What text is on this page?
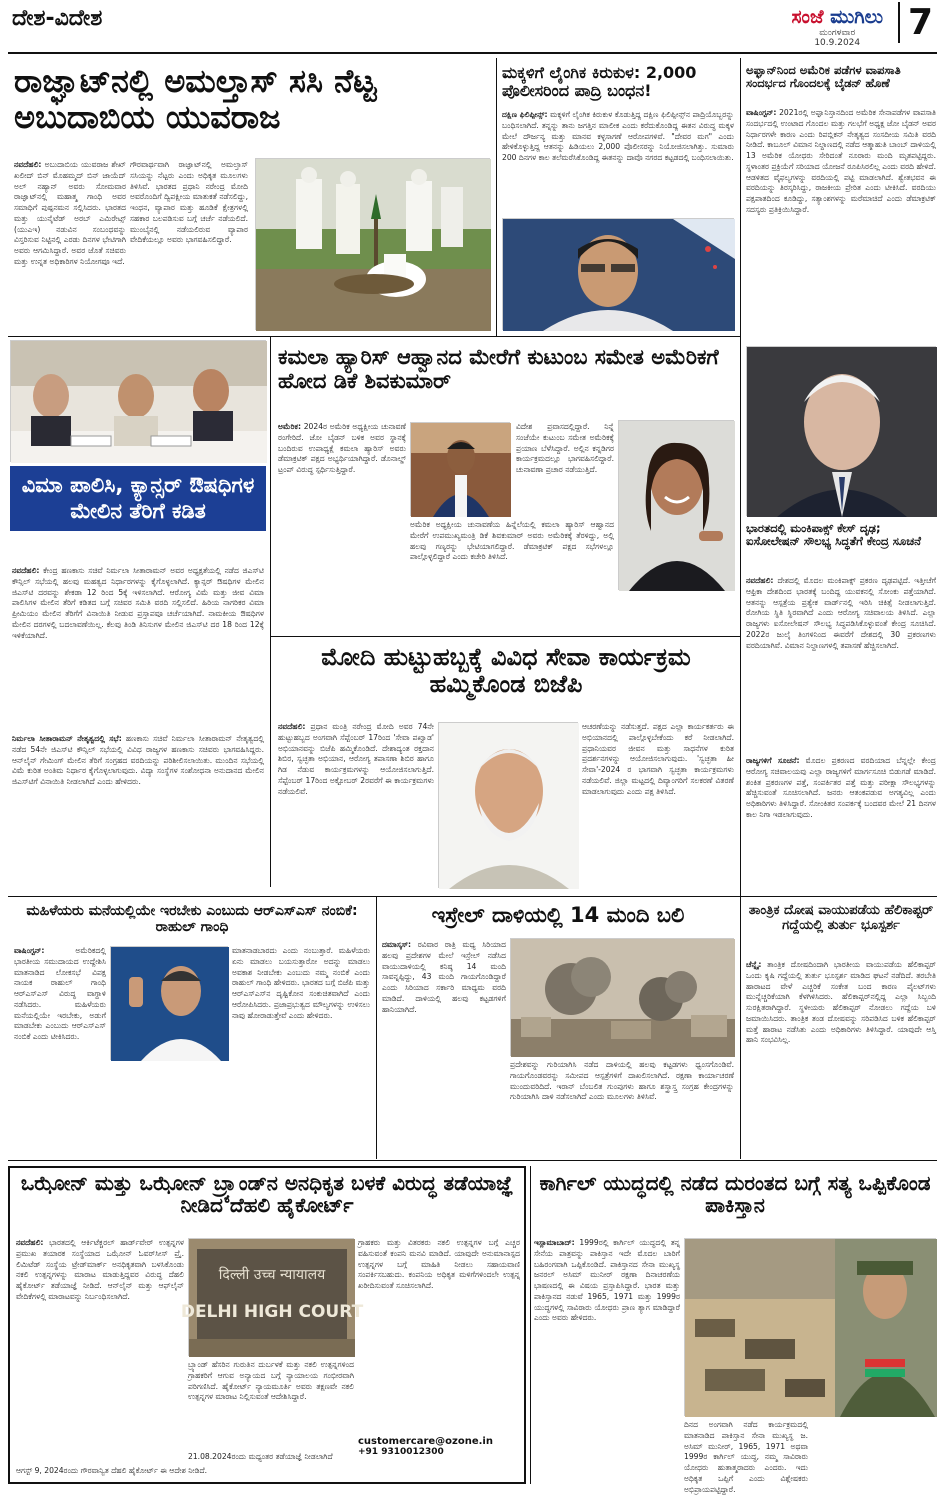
ದೇಶ-ವಿದೇಶ	ಸಂಜೆ ಮುಗಿಲು
ಮಂಗಳವಾರ
10.9.2024	7
ರಾಜ್ಘಾಟ್‌ನಲ್ಲಿ ಅಮಲ್ತಾಸ್ ಸಸಿ ನೆಟ್ಟ ಅಬುದಾಬಿಯ ಯುವರಾಜ
ನವದೆಹಲಿ: ಅಬುದಾಬಿಯ ಯುವರಾಜ ಶೇಖ್ ಖಲೀದ್ ಬಿನ್ ಮೊಹಮ್ಮದ್ ಬಿನ್ ಜಾಯೆದ್ ಅಲ್ ನಹ್ಯಾನ್ ಅವರು ಸೋಮವಾರ ರಾಜ್ಘಾಟ್‌ನಲ್ಲಿ ಮಹಾತ್ಮ ಗಾಂಧಿ ಅವರ ಸಮಾಧಿಗೆ ಪುಷ್ಪನಮನ ಸಲ್ಲಿಸಿದರು. ಭಾರತದ ಮತ್ತು ಯುನೈಟೆಡ್ ಅರಬ್ ಎಮಿರೇಟ್ಸ್ (ಯುಎಇ) ನಡುವಿನ ಸಂಬಂಧವನ್ನು ವಿಸ್ತರಿಸುವ ನಿಟ್ಟಿನಲ್ಲಿ ಎರಡು ದಿನಗಳ ಭೇಟಿಗಾಗಿ ಅವರು ಆಗಮಿಸಿದ್ದಾರೆ. ಅವರ ಜೊತೆ ಸಚಿವರು ಮತ್ತು ಉನ್ನತ ಅಧಿಕಾರಿಗಳ ನಿಯೋಗವೂ ಇದೆ.
ಗೌರವಾರ್ಥವಾಗಿ ರಾಜ್ಘಾಟ್‌ನಲ್ಲಿ ಅಮಲ್ತಾಸ್ ಸಸಿಯನ್ನು ನೆಟ್ಟರು ಎಂದು ಅಧಿಕೃತ ಮೂಲಗಳು ತಿಳಿಸಿವೆ. ಭಾರತದ ಪ್ರಧಾನಿ ನರೇಂದ್ರ ಮೋದಿ ಅವರೊಂದಿಗೆ ದ್ವಿಪಕ್ಷೀಯ ಮಾತುಕತೆ ನಡೆಸಲಿದ್ದು, ಇಂಧನ, ವ್ಯಾಪಾರ ಮತ್ತು ಹೂಡಿಕೆ ಕ್ಷೇತ್ರಗಳಲ್ಲಿ ಸಹಕಾರ ಬಲಪಡಿಸುವ ಬಗ್ಗೆ ಚರ್ಚೆ ನಡೆಯಲಿದೆ. ಮುಂಬೈನಲ್ಲಿ ನಡೆಯಲಿರುವ ವ್ಯಾಪಾರ ವೇದಿಕೆಯಲ್ಲೂ ಅವರು ಭಾಗವಹಿಸಲಿದ್ದಾರೆ.
ಮಕ್ಕಳಿಗೆ ಲೈಂಗಿಕ ಕಿರುಕುಳ: 2,000 ಪೊಲೀಸರಿಂದ ಪಾದ್ರಿ ಬಂಧನ!
ದಕ್ಷಿಣ ಫಿಲಿಪ್ಪೀನ್ಸ್: ಮಕ್ಕಳಿಗೆ ಲೈಂಗಿಕ ಕಿರುಕುಳ ಕೊಡುತ್ತಿದ್ದ ದಕ್ಷಿಣ ಫಿಲಿಪ್ಪೀನ್ಸ್‌ನ ಪಾದ್ರಿಯೊಬ್ಬರನ್ನು ಬಂಧಿಸಲಾಗಿದೆ. ತನ್ನನ್ನು ತಾನು ಜಗತ್ತಿನ ಮಾಲೀಕ ಎಂದು ಕರೆದುಕೊಂಡಿದ್ದ ಈತನ ವಿರುದ್ಧ ಮಕ್ಕಳ ಮೇಲೆ ದೌರ್ಜನ್ಯ ಮತ್ತು ಮಾನವ ಕಳ್ಳಸಾಗಣೆ ಆರೋಪಗಳಿವೆ. "ದೇವರ ಮಗ" ಎಂದು ಹೇಳಿಕೊಳ್ಳುತ್ತಿದ್ದ ಆತನನ್ನು ಹಿಡಿಯಲು 2,000 ಪೊಲೀಸರನ್ನು ನಿಯೋಜಿಸಲಾಗಿತ್ತು. ಸುಮಾರು 200 ದಿನಗಳ ಕಾಲ ತಲೆಮರೆಸಿಕೊಂಡಿದ್ದ ಈತನನ್ನು ದಾವೊ ನಗರದ ಕಟ್ಟಡದಲ್ಲಿ ಬಂಧಿಸಲಾಯಿತು.
ಅಫ್ಘಾನ್‌ನಿಂದ ಅಮೆರಿಕ ಪಡೆಗಳ ವಾಪಸಾತಿ ಸಂದರ್ಭದ ಗೊಂದಲಕ್ಕೆ ಬೈಡನ್ ಹೊಣೆ
ವಾಷಿಂಗ್ಟನ್: 2021ರಲ್ಲಿ ಅಫ್ಘಾನಿಸ್ತಾನದಿಂದ ಅಮೆರಿಕ ಸೇನಾಪಡೆಗಳ ವಾಪಸಾತಿ ಸಂದರ್ಭದಲ್ಲಿ ಉಂಟಾದ ಗೊಂದಲ ಮತ್ತು ಗಲಭೆಗೆ ಅಧ್ಯಕ್ಷ ಜೋ ಬೈಡನ್ ಅವರ ನಿರ್ಧಾರಗಳೇ ಕಾರಣ ಎಂದು ರಿಪಬ್ಲಿಕನ್ ನೇತೃತ್ವದ ಸಂಸದೀಯ ಸಮಿತಿ ವರದಿ ನೀಡಿದೆ. ಕಾಬೂಲ್ ವಿಮಾನ ನಿಲ್ದಾಣದಲ್ಲಿ ನಡೆದ ಆತ್ಮಾಹುತಿ ಬಾಂಬ್ ದಾಳಿಯಲ್ಲಿ 13 ಅಮೆರಿಕ ಯೋಧರು ಸೇರಿದಂತೆ ನೂರಾರು ಮಂದಿ ಮೃತಪಟ್ಟಿದ್ದರು. ಸ್ಥಳಾಂತರ ಪ್ರಕ್ರಿಯೆಗೆ ಸರಿಯಾದ ಯೋಜನೆ ರೂಪಿಸಿರಲಿಲ್ಲ ಎಂದು ವರದಿ ಹೇಳಿದೆ. ಆಡಳಿತದ ವೈಫಲ್ಯಗಳನ್ನು ವರದಿಯಲ್ಲಿ ಪಟ್ಟಿ ಮಾಡಲಾಗಿದೆ. ಶ್ವೇತಭವನ ಈ ವರದಿಯನ್ನು ತಿರಸ್ಕರಿಸಿದ್ದು, ರಾಜಕೀಯ ಪ್ರೇರಿತ ಎಂದು ಟೀಕಿಸಿದೆ. ವರದಿಯು ಪಕ್ಷಪಾತದಿಂದ ಕೂಡಿದ್ದು, ಸತ್ಯಾಂಶಗಳನ್ನು ಮರೆಮಾಚಿದೆ ಎಂದು ಡೆಮಾಕ್ರಟಿಕ್ ಸದಸ್ಯರು ಪ್ರತಿಕ್ರಿಯಿಸಿದ್ದಾರೆ.
ವಿಮಾ ಪಾಲಿಸಿ, ಕ್ಯಾನ್ಸರ್ ಔಷಧಿಗಳ ಮೇಲಿನ ತೆರಿಗೆ ಕಡಿತ
ನವದೆಹಲಿ: ಕೇಂದ್ರ ಹಣಕಾಸು ಸಚಿವೆ ನಿರ್ಮಲಾ ಸೀತಾರಾಮನ್ ಅವರ ಅಧ್ಯಕ್ಷತೆಯಲ್ಲಿ ನಡೆದ ಜಿಎಸ್‌ಟಿ ಕೌನ್ಸಿಲ್ ಸಭೆಯಲ್ಲಿ ಹಲವು ಮಹತ್ವದ ನಿರ್ಧಾರಗಳನ್ನು ಕೈಗೊಳ್ಳಲಾಗಿದೆ. ಕ್ಯಾನ್ಸರ್ ಔಷಧಿಗಳ ಮೇಲಿನ ಜಿಎಸ್‌ಟಿ ದರವನ್ನು ಶೇಕಡಾ 12 ರಿಂದ 5ಕ್ಕೆ ಇಳಿಸಲಾಗಿದೆ. ಆರೋಗ್ಯ ವಿಮೆ ಮತ್ತು ಜೀವ ವಿಮಾ ಪಾಲಿಸಿಗಳ ಮೇಲಿನ ತೆರಿಗೆ ಕಡಿತದ ಬಗ್ಗೆ ಸಚಿವರ ಸಮಿತಿ ವರದಿ ಸಲ್ಲಿಸಲಿದೆ. ಹಿರಿಯ ನಾಗರಿಕರ ವಿಮಾ ಪ್ರೀಮಿಯಂ ಮೇಲಿನ ತೆರಿಗೆಗೆ ವಿನಾಯಿತಿ ನೀಡುವ ಪ್ರಸ್ತಾಪವೂ ಚರ್ಚೆಯಾಗಿದೆ. ನಾಮಕೀಯ ಔಷಧಿಗಳ ಮೇಲಿನ ದರಗಳಲ್ಲಿ ಬದಲಾವಣೆಯಿಲ್ಲ. ಕೆಲವು ತಿಂಡಿ ತಿನಿಸುಗಳ ಮೇಲಿನ ಜಿಎಸ್‌ಟಿ ದರ 18 ರಿಂದ 12ಕ್ಕೆ ಇಳಿಕೆಯಾಗಿದೆ.
ನಿರ್ಮಲಾ ಸೀತಾರಾಮನ್ ನೇತೃತ್ವದಲ್ಲಿ ಸಭೆ: ಹಣಕಾಸು ಸಚಿವೆ ನಿರ್ಮಲಾ ಸೀತಾರಾಮನ್ ನೇತೃತ್ವದಲ್ಲಿ ನಡೆದ 54ನೇ ಜಿಎಸ್‌ಟಿ ಕೌನ್ಸಿಲ್ ಸಭೆಯಲ್ಲಿ ವಿವಿಧ ರಾಜ್ಯಗಳ ಹಣಕಾಸು ಸಚಿವರು ಭಾಗವಹಿಸಿದ್ದರು. ಆನ್‌ಲೈನ್ ಗೇಮಿಂಗ್ ಮೇಲಿನ ತೆರಿಗೆ ಸಂಗ್ರಹದ ವರದಿಯನ್ನು ಪರಿಶೀಲಿಸಲಾಯಿತು. ಮುಂದಿನ ಸಭೆಯಲ್ಲಿ ವಿಮೆ ಕುರಿತ ಅಂತಿಮ ನಿರ್ಧಾರ ಕೈಗೊಳ್ಳಲಾಗುವುದು. ವಿದ್ಯಾ ಸಂಸ್ಥೆಗಳ ಸಂಶೋಧನಾ ಅನುದಾನದ ಮೇಲಿನ ಜಿಎಸ್‌ಟಿಗೆ ವಿನಾಯಿತಿ ನೀಡಲಾಗಿದೆ ಎಂದು ಹೇಳಿದರು.
ಕಮಲಾ ಹ್ಯಾರಿಸ್ ಆಹ್ವಾನದ ಮೇರೆಗೆ ಕುಟುಂಬ ಸಮೇತ ಅಮೆರಿಕಗೆ ಹೋದ ಡಿಕೆ ಶಿವಕುಮಾರ್
ಅಮೆರಿಕ: 2024ರ ಅಮೆರಿಕ ಅಧ್ಯಕ್ಷೀಯ ಚುನಾವಣೆ ರಂಗೇರಿದೆ. ಜೋ ಬೈಡನ್ ಬಳಿಕ ಅವರ ಸ್ಥಾನಕ್ಕೆ ಬಂದಿರುವ ಉಪಾಧ್ಯಕ್ಷೆ ಕಮಲಾ ಹ್ಯಾರಿಸ್ ಅವರು ಡೆಮಾಕ್ರಟಿಕ್ ಪಕ್ಷದ ಅಭ್ಯರ್ಥಿಯಾಗಿದ್ದಾರೆ. ಡೊನಾಲ್ಡ್ ಟ್ರಂಪ್ ವಿರುದ್ಧ ಸ್ಪರ್ಧಿಸುತ್ತಿದ್ದಾರೆ.
ವಿದೇಶ ಪ್ರವಾಸದಲ್ಲಿದ್ದಾರೆ. ನಿನ್ನೆ ಸಂಜೆಯೇ ಕುಟುಂಬ ಸಮೇತ ಅಮೆರಿಕಕ್ಕೆ ಪ್ರಯಾಣ ಬೆಳೆಸಿದ್ದಾರೆ. ಅಲ್ಲಿನ ಕನ್ನಡಿಗರ ಕಾರ್ಯಕ್ರಮದಲ್ಲೂ ಭಾಗವಹಿಸಲಿದ್ದಾರೆ. ಚುನಾವಣಾ ಪ್ರಚಾರ ನಡೆಯುತ್ತಿದೆ.
ಅಮೆರಿಕ ಅಧ್ಯಕ್ಷೀಯ ಚುನಾವಣೆಯ ಹಿನ್ನೆಲೆಯಲ್ಲಿ ಕಮಲಾ ಹ್ಯಾರಿಸ್ ಆಹ್ವಾನದ ಮೇರೆಗೆ ಉಪಮುಖ್ಯಮಂತ್ರಿ ಡಿಕೆ ಶಿವಕುಮಾರ್ ಅವರು ಅಮೆರಿಕಕ್ಕೆ ತೆರಳಿದ್ದು, ಅಲ್ಲಿ ಹಲವು ಗಣ್ಯರನ್ನು ಭೇಟಿಯಾಗಲಿದ್ದಾರೆ. ಡೆಮಾಕ್ರಟಿಕ್ ಪಕ್ಷದ ಸಭೆಗಳಲ್ಲೂ ಪಾಲ್ಗೊಳ್ಳಲಿದ್ದಾರೆ ಎಂದು ಕಚೇರಿ ತಿಳಿಸಿದೆ.
ಭಾರತದಲ್ಲಿ ಮಂಕಿಪಾಕ್ಸ್ ಕೇಸ್ ದೃಢ; ಐಸೋಲೇಷನ್ ಸೌಲಭ್ಯ ಸಿದ್ಧತೆಗೆ ಕೇಂದ್ರ ಸೂಚನೆ
ನವದೆಹಲಿ: ದೇಶದಲ್ಲಿ ಮೊದಲ ಮಂಕಿಪಾಕ್ಸ್ ಪ್ರಕರಣ ದೃಢಪಟ್ಟಿದೆ. ಇತ್ತೀಚೆಗೆ ಆಫ್ರಿಕಾ ದೇಶದಿಂದ ಭಾರತಕ್ಕೆ ಬಂದಿದ್ದ ಯುವಕನಲ್ಲಿ ಸೋಂಕು ಪತ್ತೆಯಾಗಿದೆ. ಆತನನ್ನು ಆಸ್ಪತ್ರೆಯ ಪ್ರತ್ಯೇಕ ವಾರ್ಡ್‌ನಲ್ಲಿ ಇರಿಸಿ ಚಿಕಿತ್ಸೆ ನೀಡಲಾಗುತ್ತಿದೆ. ರೋಗಿಯ ಸ್ಥಿತಿ ಸ್ಥಿರವಾಗಿದೆ ಎಂದು ಆರೋಗ್ಯ ಸಚಿವಾಲಯ ತಿಳಿಸಿದೆ. ಎಲ್ಲಾ ರಾಜ್ಯಗಳು ಐಸೋಲೇಷನ್ ಸೌಲಭ್ಯ ಸಿದ್ಧಪಡಿಸಿಕೊಳ್ಳುವಂತೆ ಕೇಂದ್ರ ಸೂಚಿಸಿದೆ. 2022ರ ಜುಲೈ ತಿಂಗಳಿನಿಂದ ಈವರೆಗೆ ದೇಶದಲ್ಲಿ 30 ಪ್ರಕರಣಗಳು ವರದಿಯಾಗಿವೆ. ವಿಮಾನ ನಿಲ್ದಾಣಗಳಲ್ಲಿ ತಪಾಸಣೆ ಹೆಚ್ಚಿಸಲಾಗಿದೆ.
ರಾಜ್ಯಗಳಿಗೆ ಸೂಚನೆ: ಮೊದಲ ಪ್ರಕರಣದ ವರದಿಯಾದ ಬೆನ್ನಲ್ಲೇ ಕೇಂದ್ರ ಆರೋಗ್ಯ ಸಚಿವಾಲಯವು ಎಲ್ಲಾ ರಾಜ್ಯಗಳಿಗೆ ಮಾರ್ಗಸೂಚಿ ಬಿಡುಗಡೆ ಮಾಡಿದೆ. ಶಂಕಿತ ಪ್ರಕರಣಗಳ ಪತ್ತೆ, ಸಂಪರ್ಕಿತರ ಪತ್ತೆ ಮತ್ತು ಪರೀಕ್ಷಾ ಸೌಲಭ್ಯಗಳನ್ನು ಹೆಚ್ಚಿಸುವಂತೆ ಸೂಚಿಸಲಾಗಿದೆ. ಜನರು ಆತಂಕಪಡುವ ಅಗತ್ಯವಿಲ್ಲ ಎಂದು ಅಧಿಕಾರಿಗಳು ತಿಳಿಸಿದ್ದಾರೆ. ಸೋಂಕಿತರ ಸಂಪರ್ಕಕ್ಕೆ ಬಂದವರ ಮೇಲೆ 21 ದಿನಗಳ ಕಾಲ ನಿಗಾ ಇಡಲಾಗುವುದು.
ಮೋದಿ ಹುಟ್ಟುಹಬ್ಬಕ್ಕೆ ವಿವಿಧ ಸೇವಾ ಕಾರ್ಯಕ್ರಮ ಹಮ್ಮಿಕೊಂಡ ಬಿಜೆಪಿ
ನವದೆಹಲಿ: ಪ್ರಧಾನ ಮಂತ್ರಿ ನರೇಂದ್ರ ಮೋದಿ ಅವರ 74ನೇ ಹುಟ್ಟುಹಬ್ಬದ ಅಂಗವಾಗಿ ಸೆಪ್ಟೆಂಬರ್ 17ರಿಂದ 'ಸೇವಾ ಪಖ್ವಾಡ' ಅಭಿಯಾನವನ್ನು ಬಿಜೆಪಿ ಹಮ್ಮಿಕೊಂಡಿದೆ. ದೇಶಾದ್ಯಂತ ರಕ್ತದಾನ ಶಿಬಿರ, ಸ್ವಚ್ಛತಾ ಅಭಿಯಾನ, ಆರೋಗ್ಯ ತಪಾಸಣಾ ಶಿಬಿರ ಹಾಗೂ ಗಿಡ ನೆಡುವ ಕಾರ್ಯಕ್ರಮಗಳನ್ನು ಆಯೋಜಿಸಲಾಗುತ್ತಿದೆ. ಸೆಪ್ಟೆಂಬರ್ 17ರಿಂದ ಅಕ್ಟೋಬರ್ 2ರವರೆಗೆ ಈ ಕಾರ್ಯಕ್ರಮಗಳು ನಡೆಯಲಿವೆ.
ಆಚರಣೆಯನ್ನು ನಡೆಸುತ್ತದೆ. ಪಕ್ಷದ ಎಲ್ಲಾ ಕಾರ್ಯಕರ್ತರು ಈ ಅಭಿಯಾನದಲ್ಲಿ ಪಾಲ್ಗೊಳ್ಳಬೇಕೆಂದು ಕರೆ ನೀಡಲಾಗಿದೆ. ಪ್ರಧಾನಿಯವರ ಜೀವನ ಮತ್ತು ಸಾಧನೆಗಳ ಕುರಿತ ಪ್ರದರ್ಶನಗಳನ್ನು ಆಯೋಜಿಸಲಾಗುವುದು. 'ಸ್ವಚ್ಛತಾ ಹೀ ಸೇವಾ'-2024 ರ ಭಾಗವಾಗಿ ಸ್ವಚ್ಛತಾ ಕಾರ್ಯಕ್ರಮಗಳು ನಡೆಯಲಿವೆ. ಜಿಲ್ಲಾ ಮಟ್ಟದಲ್ಲಿ ದಿವ್ಯಾಂಗರಿಗೆ ಸಲಕರಣೆ ವಿತರಣೆ ಮಾಡಲಾಗುವುದು ಎಂದು ಪಕ್ಷ ತಿಳಿಸಿದೆ.
ಮಹಿಳೆಯರು ಮನೆಯಲ್ಲಿಯೇ ಇರಬೇಕು ಎಂಬುದು ಆರ್‌ಎಸ್‌ಎಸ್ ನಂಬಿಕೆ: ರಾಹುಲ್ ಗಾಂಧಿ
ವಾಷಿಂಗ್ಟನ್:	ಅಮೆರಿಕದಲ್ಲಿ ಭಾರತೀಯ ಸಮುದಾಯದ ಉದ್ದೇಶಿಸಿ ಮಾತನಾಡಿದ ಲೋಕಸಭೆ ವಿಪಕ್ಷ ನಾಯಕ ರಾಹುಲ್ ಗಾಂಧಿ ಆರ್‌ಎಸ್‌ಎಸ್ ವಿರುದ್ಧ ವಾಗ್ದಾಳಿ ನಡೆಸಿದರು. ಮಹಿಳೆಯರು ಮನೆಯಲ್ಲಿಯೇ ಇರಬೇಕು, ಅಡುಗೆ ಮಾಡಬೇಕು ಎಂಬುದು ಆರ್‌ಎಸ್‌ಎಸ್ ನಂಬಿಕೆ ಎಂದು ಟೀಕಿಸಿದರು.
ಮಾತನಾಡಬಾರದು ಎಂದು ನಂಬುತ್ತಾರೆ. ಮಹಿಳೆಯರು ಏನು ಮಾಡಲು ಬಯಸುತ್ತಾರೋ ಅದನ್ನು ಮಾಡಲು ಅವಕಾಶ ನೀಡಬೇಕು ಎಂಬುದು ನಮ್ಮ ನಂಬಿಕೆ ಎಂದು ರಾಹುಲ್ ಗಾಂಧಿ ಹೇಳಿದರು. ಭಾರತದ ಬಗ್ಗೆ ಬಿಜೆಪಿ ಮತ್ತು ಆರ್‌ಎಸ್‌ಎಸ್‌ನ ದೃಷ್ಟಿಕೋನ ಸಂಕುಚಿತವಾಗಿದೆ ಎಂದು ಆರೋಪಿಸಿದರು. ಪ್ರಜಾಪ್ರಭುತ್ವದ ಮೌಲ್ಯಗಳನ್ನು ಉಳಿಸಲು ನಾವು ಹೋರಾಡುತ್ತೇವೆ ಎಂದು ಹೇಳಿದರು.
ಇಸ್ರೇಲ್ ದಾಳಿಯಲ್ಲಿ 14 ಮಂದಿ ಬಲಿ
ದಮಾಸ್ಕಸ್: ರವಿವಾರ ರಾತ್ರಿ ಮಧ್ಯ ಸಿರಿಯಾದ ಹಲವು ಪ್ರದೇಶಗಳ ಮೇಲೆ ಇಸ್ರೇಲ್ ನಡೆಸಿದ ವಾಯುದಾಳಿಯಲ್ಲಿ ಕನಿಷ್ಠ 14 ಮಂದಿ ಸಾವನ್ನಪ್ಪಿದ್ದು, 43 ಮಂದಿ ಗಾಯಗೊಂಡಿದ್ದಾರೆ ಎಂದು ಸಿರಿಯಾದ ಸರ್ಕಾರಿ ಮಾಧ್ಯಮ ವರದಿ ಮಾಡಿದೆ. ದಾಳಿಯಲ್ಲಿ ಹಲವು ಕಟ್ಟಡಗಳಿಗೆ ಹಾನಿಯಾಗಿದೆ.
ಪ್ರದೇಶವನ್ನು ಗುರಿಯಾಗಿಸಿ ನಡೆದ ದಾಳಿಯಲ್ಲಿ ಹಲವು ಕಟ್ಟಡಗಳು ಧ್ವಂಸಗೊಂಡಿವೆ. ಗಾಯಗೊಂಡವರನ್ನು ಸಮೀಪದ ಆಸ್ಪತ್ರೆಗಳಿಗೆ ದಾಖಲಿಸಲಾಗಿದೆ. ರಕ್ಷಣಾ ಕಾರ್ಯಾಚರಣೆ ಮುಂದುವರಿದಿದೆ. ಇರಾನ್ ಬೆಂಬಲಿತ ಗುಂಪುಗಳು ಹಾಗೂ ಶಸ್ತ್ರಾಸ್ತ್ರ ಸಂಗ್ರಹ ಕೇಂದ್ರಗಳನ್ನು ಗುರಿಯಾಗಿಸಿ ದಾಳಿ ನಡೆಸಲಾಗಿದೆ ಎಂದು ಮೂಲಗಳು ತಿಳಿಸಿವೆ.
ತಾಂತ್ರಿಕ ದೋಷ ವಾಯುಪಡೆಯ ಹೆಲಿಕಾಪ್ಟರ್ ಗದ್ದೆಯಲ್ಲಿ ತುರ್ತು ಭೂಸ್ಪರ್ಶ
ಚೆನ್ನೈ: ತಾಂತ್ರಿಕ ದೋಷದಿಂದಾಗಿ ಭಾರತೀಯ ವಾಯುಪಡೆಯ ಹೆಲಿಕಾಪ್ಟರ್ ಒಂದು ಕೃಷಿ ಗದ್ದೆಯಲ್ಲಿ ತುರ್ತು ಭೂಸ್ಪರ್ಶ ಮಾಡಿದ ಘಟನೆ ನಡೆದಿದೆ. ತರಬೇತಿ ಹಾರಾಟದ ವೇಳೆ ಎಚ್ಚರಿಕೆ ಸಂಕೇತ ಬಂದ ಕಾರಣ ಪೈಲಟ್‌ಗಳು ಮುನ್ನೆಚ್ಚರಿಕೆಯಾಗಿ ಕೆಳಗಿಳಿಸಿದರು. ಹೆಲಿಕಾಪ್ಟರ್‌ನಲ್ಲಿದ್ದ ಎಲ್ಲಾ ಸಿಬ್ಬಂದಿ ಸುರಕ್ಷಿತರಾಗಿದ್ದಾರೆ. ಸ್ಥಳೀಯರು ಹೆಲಿಕಾಪ್ಟರ್ ನೋಡಲು ಗದ್ದೆಯ ಬಳಿ ಜಮಾಯಿಸಿದರು. ತಾಂತ್ರಿಕ ತಂಡ ದೋಷವನ್ನು ಸರಿಪಡಿಸಿದ ಬಳಿಕ ಹೆಲಿಕಾಪ್ಟರ್ ಮತ್ತೆ ಹಾರಾಟ ನಡೆಸಿತು ಎಂದು ಅಧಿಕಾರಿಗಳು ತಿಳಿಸಿದ್ದಾರೆ. ಯಾವುದೇ ಆಸ್ತಿ ಹಾನಿ ಸಂಭವಿಸಿಲ್ಲ.
ಒಝೋನ್ ಮತ್ತು ಒಝೋನ್ ಬ್ರ್ಯಾಂಡ್‌ನ ಅನಧಿಕೃತ ಬಳಕೆ ವಿರುದ್ಧ ತಡೆಯಾಜ್ಞೆ ನೀಡಿದ ದೆಹಲಿ ಹೈಕೋರ್ಟ್
ನವದೆಹಲಿ: ಭಾರತದಲ್ಲಿ ಆರ್ಕಿಟೆಕ್ಚರಲ್ ಹಾರ್ಡ್‌ವೇರ್ ಉತ್ಪನ್ನಗಳ ಪ್ರಮುಖ ತಯಾರಕ ಸಂಸ್ಥೆಯಾದ ಒಝೋನ್ ಓವರ್‌ಸೀಸ್ ಪ್ರೈ. ಲಿಮಿಟೆಡ್ ಸಂಸ್ಥೆಯ ಟ್ರೇಡ್‌ಮಾರ್ಕ್ ಅನಧಿಕೃತವಾಗಿ ಬಳಸಿಕೊಂಡು ನಕಲಿ ಉತ್ಪನ್ನಗಳನ್ನು ಮಾರಾಟ ಮಾಡುತ್ತಿದ್ದವರ ವಿರುದ್ಧ ದೆಹಲಿ ಹೈಕೋರ್ಟ್ ತಡೆಯಾಜ್ಞೆ ನೀಡಿದೆ. ಆನ್‌ಲೈನ್ ಮತ್ತು ಆಫ್‌ಲೈನ್ ವೇದಿಕೆಗಳಲ್ಲಿ ಮಾರಾಟವನ್ನು ನಿರ್ಬಂಧಿಸಲಾಗಿದೆ.
दिल्ली उच्च न्यायालय
DELHI HIGH COURT
ಬ್ರ್ಯಾಂಡ್ ಹೆಸರಿನ ಗುರುತಿನ ದುರ್ಬಳಕೆ ಮತ್ತು ನಕಲಿ ಉತ್ಪನ್ನಗಳಿಂದ ಗ್ರಾಹಕರಿಗೆ ಆಗುವ ಅನ್ಯಾಯದ ಬಗ್ಗೆ ನ್ಯಾಯಾಲಯ ಗಂಭೀರವಾಗಿ ಪರಿಗಣಿಸಿದೆ. ಹೈಕೋರ್ಟ್ ನ್ಯಾಯಮೂರ್ತಿ ಅವರು ತಕ್ಷಣವೇ ನಕಲಿ ಉತ್ಪನ್ನಗಳ ಮಾರಾಟ ನಿಲ್ಲಿಸುವಂತೆ ಆದೇಶಿಸಿದ್ದಾರೆ.
ಗ್ರಾಹಕರು ಮತ್ತು ವಿತರಕರು ನಕಲಿ ಉತ್ಪನ್ನಗಳ ಬಗ್ಗೆ ಎಚ್ಚರ ವಹಿಸುವಂತೆ ಕಂಪನಿ ಮನವಿ ಮಾಡಿದೆ. ಯಾವುದೇ ಅನುಮಾನಾಸ್ಪದ ಉತ್ಪನ್ನಗಳ ಬಗ್ಗೆ ಮಾಹಿತಿ ನೀಡಲು ಸಹಾಯವಾಣಿ ಸಂಪರ್ಕಿಸಬಹುದು. ಕಂಪನಿಯ ಅಧಿಕೃತ ಮಳಿಗೆಗಳಿಂದಲೇ ಉತ್ಪನ್ನ ಖರೀದಿಸುವಂತೆ ಸೂಚಿಸಲಾಗಿದೆ.
21.08.2024ರಂದು ಮಧ್ಯಂತರ ತಡೆಯಾಜ್ಞೆ ನೀಡಲಾಗಿದೆ
customercare@ozone.in
+91 9310012300
ಆಗಸ್ಟ್ 9, 2024ರಂದು ಗೌರವಾನ್ವಿತ ದೆಹಲಿ ಹೈಕೋರ್ಟ್ ಈ ಆದೇಶ ನೀಡಿದೆ.
ಕಾರ್ಗಿಲ್ ಯುದ್ಧದಲ್ಲಿ ನಡೆದ ದುರಂತದ ಬಗ್ಗೆ ಸತ್ಯ ಒಪ್ಪಿಕೊಂಡ ಪಾಕಿಸ್ತಾನ
ಇಸ್ಲಾಮಾಬಾದ್: 1999ರಲ್ಲಿ ಕಾರ್ಗಿಲ್ ಯುದ್ಧದಲ್ಲಿ ತನ್ನ ಸೇನೆಯ ಪಾತ್ರವನ್ನು ಪಾಕಿಸ್ತಾನ ಇದೇ ಮೊದಲ ಬಾರಿಗೆ ಬಹಿರಂಗವಾಗಿ ಒಪ್ಪಿಕೊಂಡಿದೆ. ಪಾಕಿಸ್ತಾನದ ಸೇನಾ ಮುಖ್ಯಸ್ಥ ಜನರಲ್ ಅಸಿಮ್ ಮುನೀರ್ ರಕ್ಷಣಾ ದಿನಾಚರಣೆಯ ಭಾಷಣದಲ್ಲಿ ಈ ವಿಷಯ ಪ್ರಸ್ತಾಪಿಸಿದ್ದಾರೆ. ಭಾರತ ಮತ್ತು ಪಾಕಿಸ್ತಾನದ ನಡುವೆ 1965, 1971 ಮತ್ತು 1999ರ ಯುದ್ಧಗಳಲ್ಲಿ ಸಾವಿರಾರು ಯೋಧರು ಪ್ರಾಣ ತ್ಯಾಗ ಮಾಡಿದ್ದಾರೆ ಎಂದು ಅವರು ಹೇಳಿದರು.
ದಿನದ ಅಂಗವಾಗಿ ನಡೆದ ಕಾರ್ಯಕ್ರಮದಲ್ಲಿ ಮಾತನಾಡಿದ ಪಾಕಿಸ್ತಾನ ಸೇನಾ ಮುಖ್ಯಸ್ಥ ಜ. ಅಸಿಮ್ ಮುನೀರ್, 1965, 1971 ಅಥವಾ 1999ರ ಕಾರ್ಗಿಲ್ ಯುದ್ಧ, ನಮ್ಮ ಸಾವಿರಾರು ಯೋಧರು ಹುತಾತ್ಮರಾದರು ಎಂದರು. ಇದು ಅಧಿಕೃತ ಒಪ್ಪಿಗೆ ಎಂದು ವಿಶ್ಲೇಷಕರು ಅಭಿಪ್ರಾಯಪಟ್ಟಿದ್ದಾರೆ.
